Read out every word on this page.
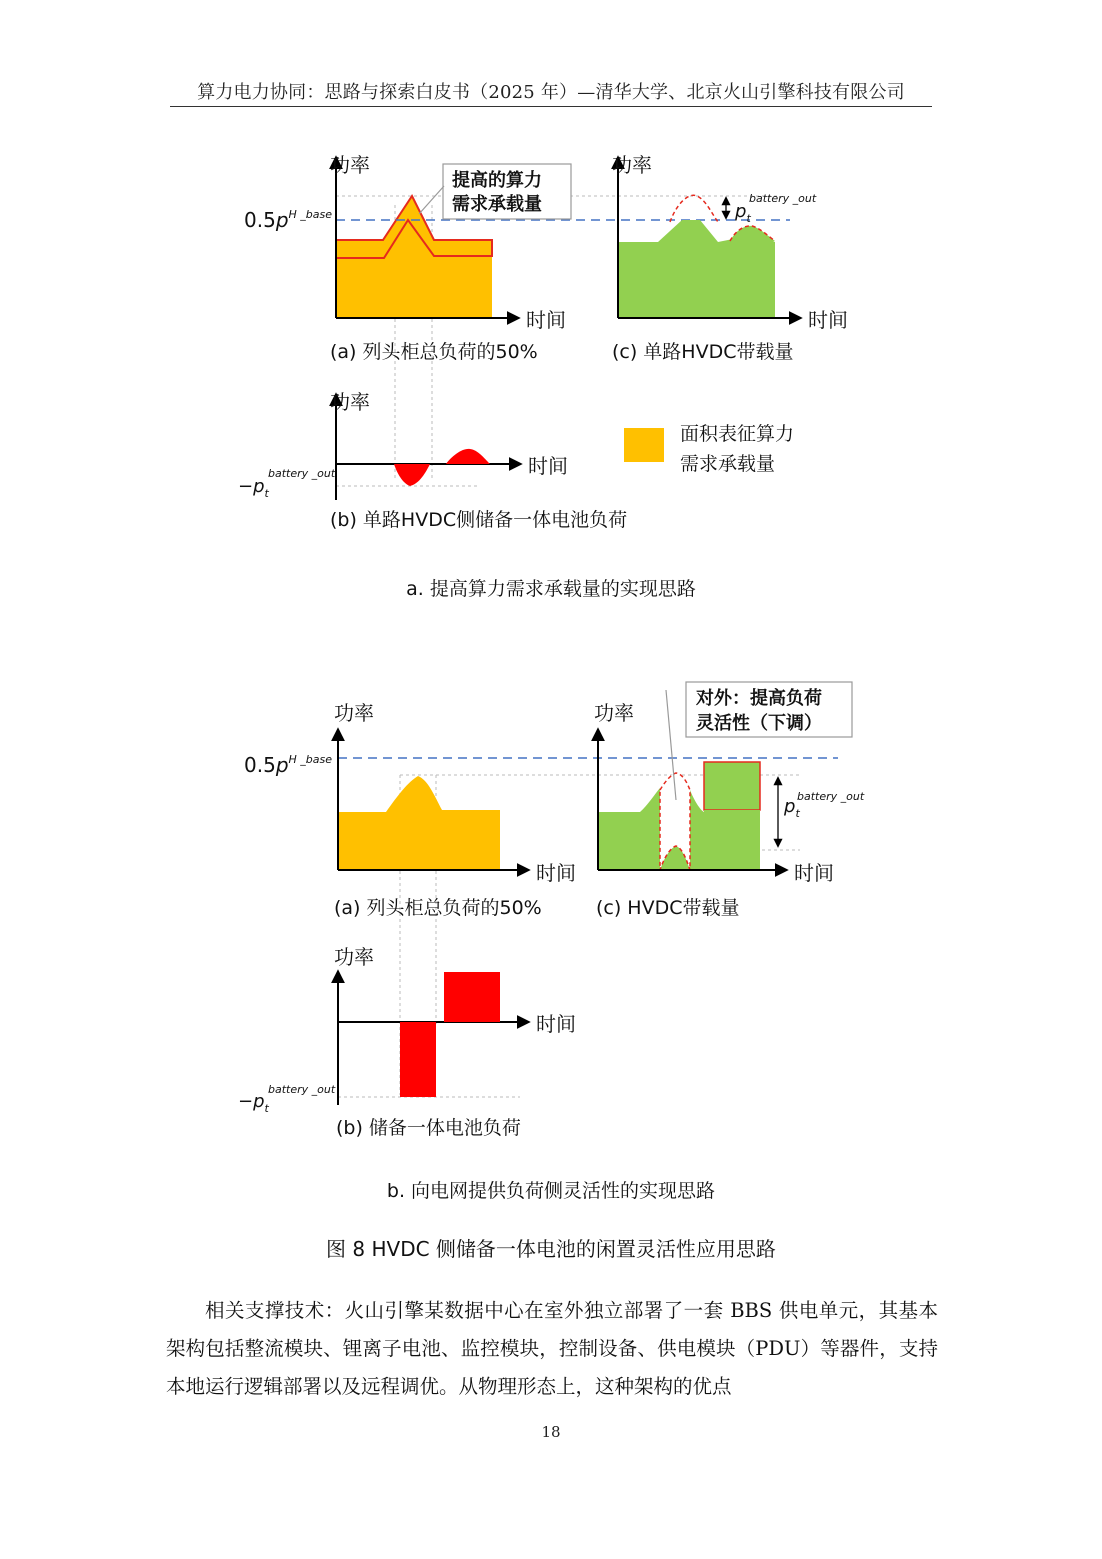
算力电力协同：思路与探索白皮书（2025 年）—清华大学、北京火山引擎科技有限公司
功率
时间
$0.5p^{H \_base}$
提高的算力
需求承载量
(a) 列头柜总负荷的50%
功率
时间
$p_t$
battery _out
(c) 单路HVDC带载量
功率
时间
$-p_t$
battery _out
(b) 单路HVDC侧储备一体电池负荷
面积表征算力
需求承载量
功率
时间
$0.5p^{H \_base}$
(a) 列头柜总负荷的50%
功率
时间
$p_t$
battery _out
对外：提高负荷
灵活性（下调）
(c) HVDC带载量
功率
时间
$-p_t$
battery _out
(b) 储备一体电池负荷
a. 提高算力需求承载量的实现思路
b. 向电网提供负荷侧灵活性的实现思路
图 8 HVDC 侧储备一体电池的闲置灵活性应用思路
相关支撑技术：火山引擎某数据中心在室外独立部署了一套 BBS 供电单元，其基本架构包括整流模块、锂离子电池、监控模块，控制设备、供电模块（PDU）等器件，支持本地运行逻辑部署以及远程调优。从物理形态上，这种架构的优点
18
